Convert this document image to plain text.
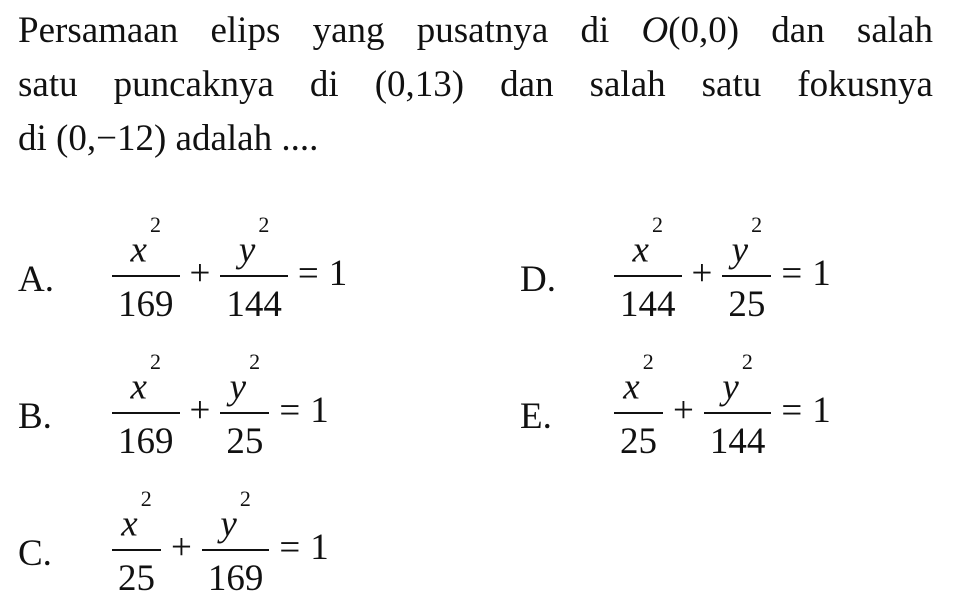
Persamaan elips yang pusatnya di O(0,0) dan salah
satu puncaknya di (0,13) dan salah satu fokusnya
di (0,−12) adalah ....
A. $\frac{x^2}{169} + \frac{y^2}{144} = 1$
B. $\frac{x^2}{169} + \frac{y^2}{25} = 1$
C. $\frac{x^2}{25} + \frac{y^2}{169} = 1$
D. $\frac{x^2}{144} + \frac{y^2}{25} = 1$
E. $\frac{x^2}{25} + \frac{y^2}{144} = 1$
